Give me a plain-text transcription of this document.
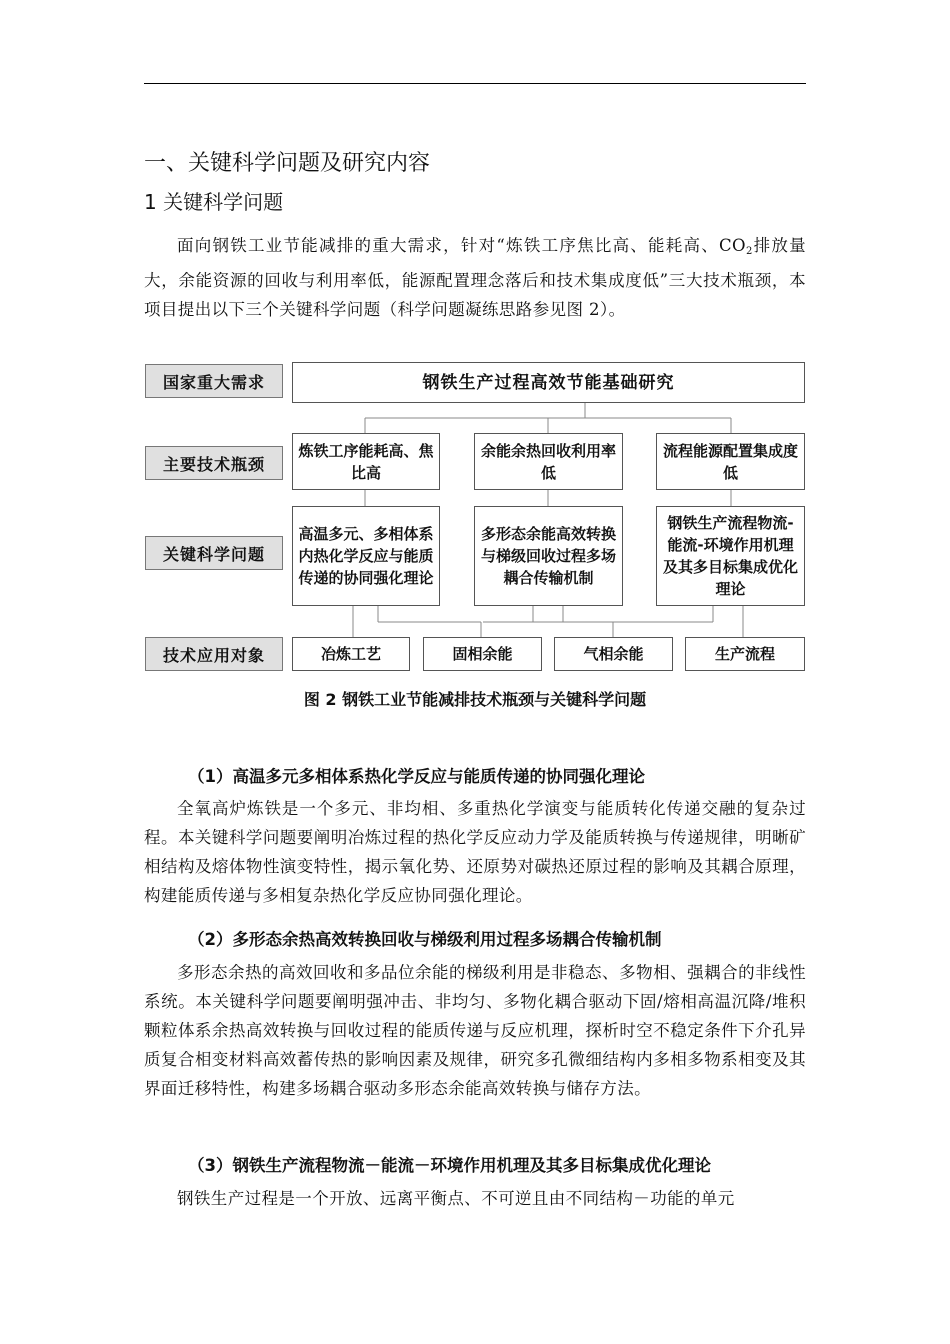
一、关键科学问题及研究内容
1 关键科学问题

面向钢铁工业节能减排的重大需求，针对“炼铁工序焦比高、能耗高、$CO_2$排放量大，余能资源的回收与利用率低，能源配置理念落后和技术集成度低”三大技术瓶颈，本项目提出以下三个关键科学问题（科学问题凝练思路参见图 2）。

国家重大需求
主要技术瓶颈
关键科学问题
技术应用对象
钢铁生产过程高效节能基础研究
炼铁工序能耗高、焦比高
余能余热回收利用率低
流程能源配置集成度低
高温多元、多相体系内热化学反应与能质传递的协同强化理论
多形态余能高效转换与梯级回收过程多场耦合传输机制
钢铁生产流程物流-能流-环境作用机理及其多目标集成优化理论
冶炼工艺	固相余能	气相余能	生产流程
图 2 钢铁工业节能减排技术瓶颈与关键科学问题
（1）高温多元多相体系热化学反应与能质传递的协同强化理论

全氧高炉炼铁是一个多元、非均相、多重热化学演变与能质转化传递交融的复杂过程。本关键科学问题要阐明冶炼过程的热化学反应动力学及能质转换与传递规律，明晰矿相结构及熔体物性演变特性，揭示氧化势、还原势对碳热还原过程的影响及其耦合原理，构建能质传递与多相复杂热化学反应协同强化理论。

（2）多形态余热高效转换回收与梯级利用过程多场耦合传输机制

多形态余热的高效回收和多品位余能的梯级利用是非稳态、多物相、强耦合的非线性系统。本关键科学问题要阐明强冲击、非均匀、多物化耦合驱动下固/熔相高温沉降/堆积颗粒体系余热高效转换与回收过程的能质传递与反应机理，探析时空不稳定条件下介孔异质复合相变材料高效蓄传热的影响因素及规律，研究多孔微细结构内多相多物系相变及其界面迁移特性，构建多场耦合驱动多形态余能高效转换与储存方法。

（3）钢铁生产流程物流－能流－环境作用机理及其多目标集成优化理论

钢铁生产过程是一个开放、远离平衡点、不可逆且由不同结构－功能的单元
